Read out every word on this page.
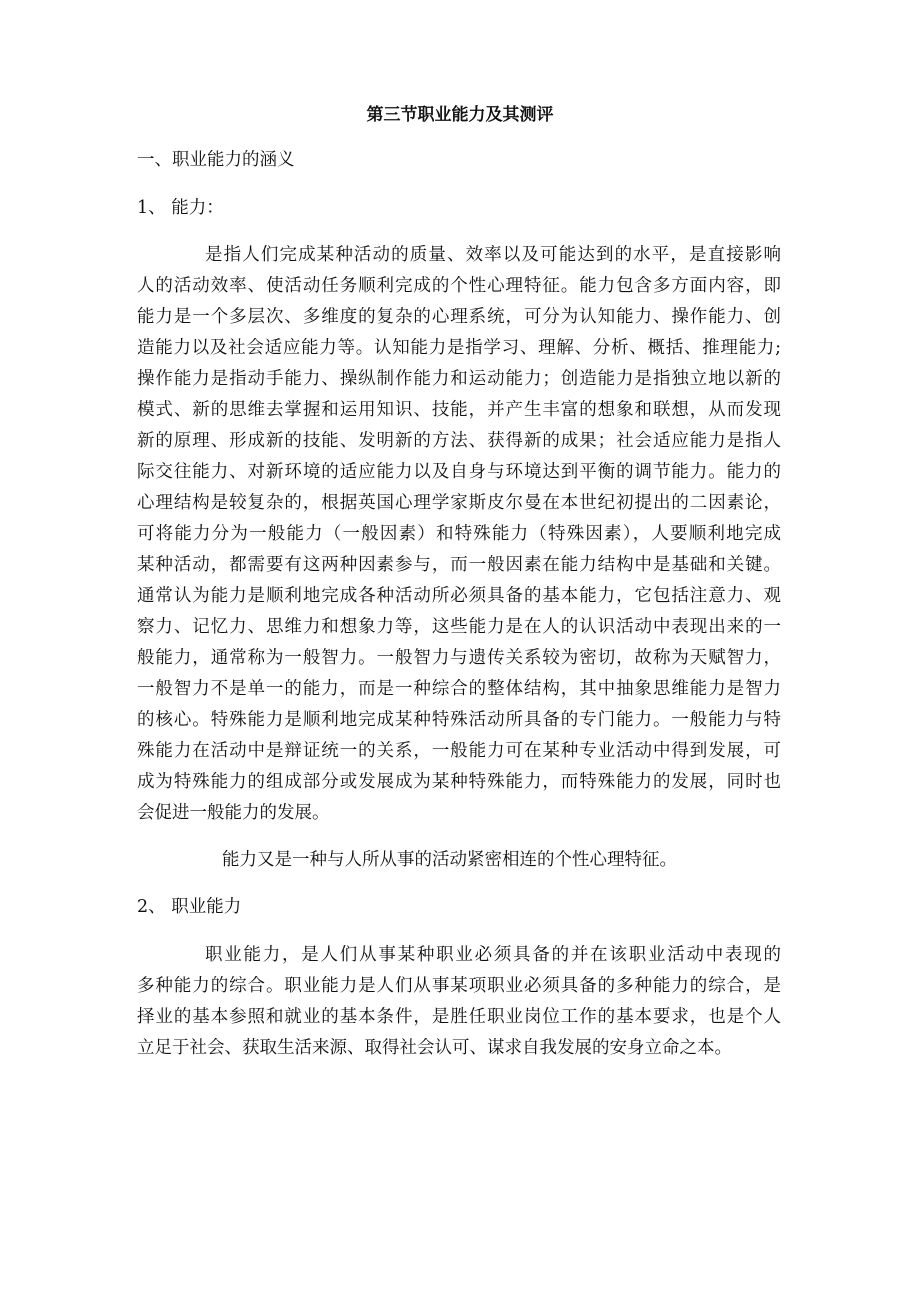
第三节职业能力及其测评
一、职业能力的涵义
1、 能力：
是指人们完成某种活动的质量、效率以及可能达到的水平，是直接影响
人的活动效率、使活动任务顺利完成的个性心理特征。能力包含多方面内容，即
能力是一个多层次、多维度的复杂的心理系统，可分为认知能力、操作能力、创
造能力以及社会适应能力等。认知能力是指学习、理解、分析、概括、推理能力;
操作能力是指动手能力、操纵制作能力和运动能力；创造能力是指独立地以新的
模式、新的思维去掌握和运用知识、技能，并产生丰富的想象和联想，从而发现
新的原理、形成新的技能、发明新的方法、获得新的成果；社会适应能力是指人
际交往能力、对新环境的适应能力以及自身与环境达到平衡的调节能力。能力的
心理结构是较复杂的，根据英国心理学家斯皮尔曼在本世纪初提出的二因素论，
可将能力分为一般能力（一般因素）和特殊能力（特殊因素），人要顺利地完成
某种活动，都需要有这两种因素参与，而一般因素在能力结构中是基础和关键。
通常认为能力是顺利地完成各种活动所必须具备的基本能力，它包括注意力、观
察力、记忆力、思维力和想象力等，这些能力是在人的认识活动中表现出来的一
般能力，通常称为一般智力。一般智力与遗传关系较为密切，故称为天赋智力，
一般智力不是单一的能力，而是一种综合的整体结构，其中抽象思维能力是智力
的核心。特殊能力是顺利地完成某种特殊活动所具备的专门能力。一般能力与特
殊能力在活动中是辩证统一的关系，一般能力可在某种专业活动中得到发展，可
成为特殊能力的组成部分或发展成为某种特殊能力，而特殊能力的发展，同时也
会促进一般能力的发展。
能力又是一种与人所从事的活动紧密相连的个性心理特征。
2、 职业能力
职业能力，是人们从事某种职业必须具备的并在该职业活动中表现的
多种能力的综合。职业能力是人们从事某项职业必须具备的多种能力的综合，是
择业的基本参照和就业的基本条件，是胜任职业岗位工作的基本要求，也是个人
立足于社会、获取生活来源、取得社会认可、谋求自我发展的安身立命之本。
